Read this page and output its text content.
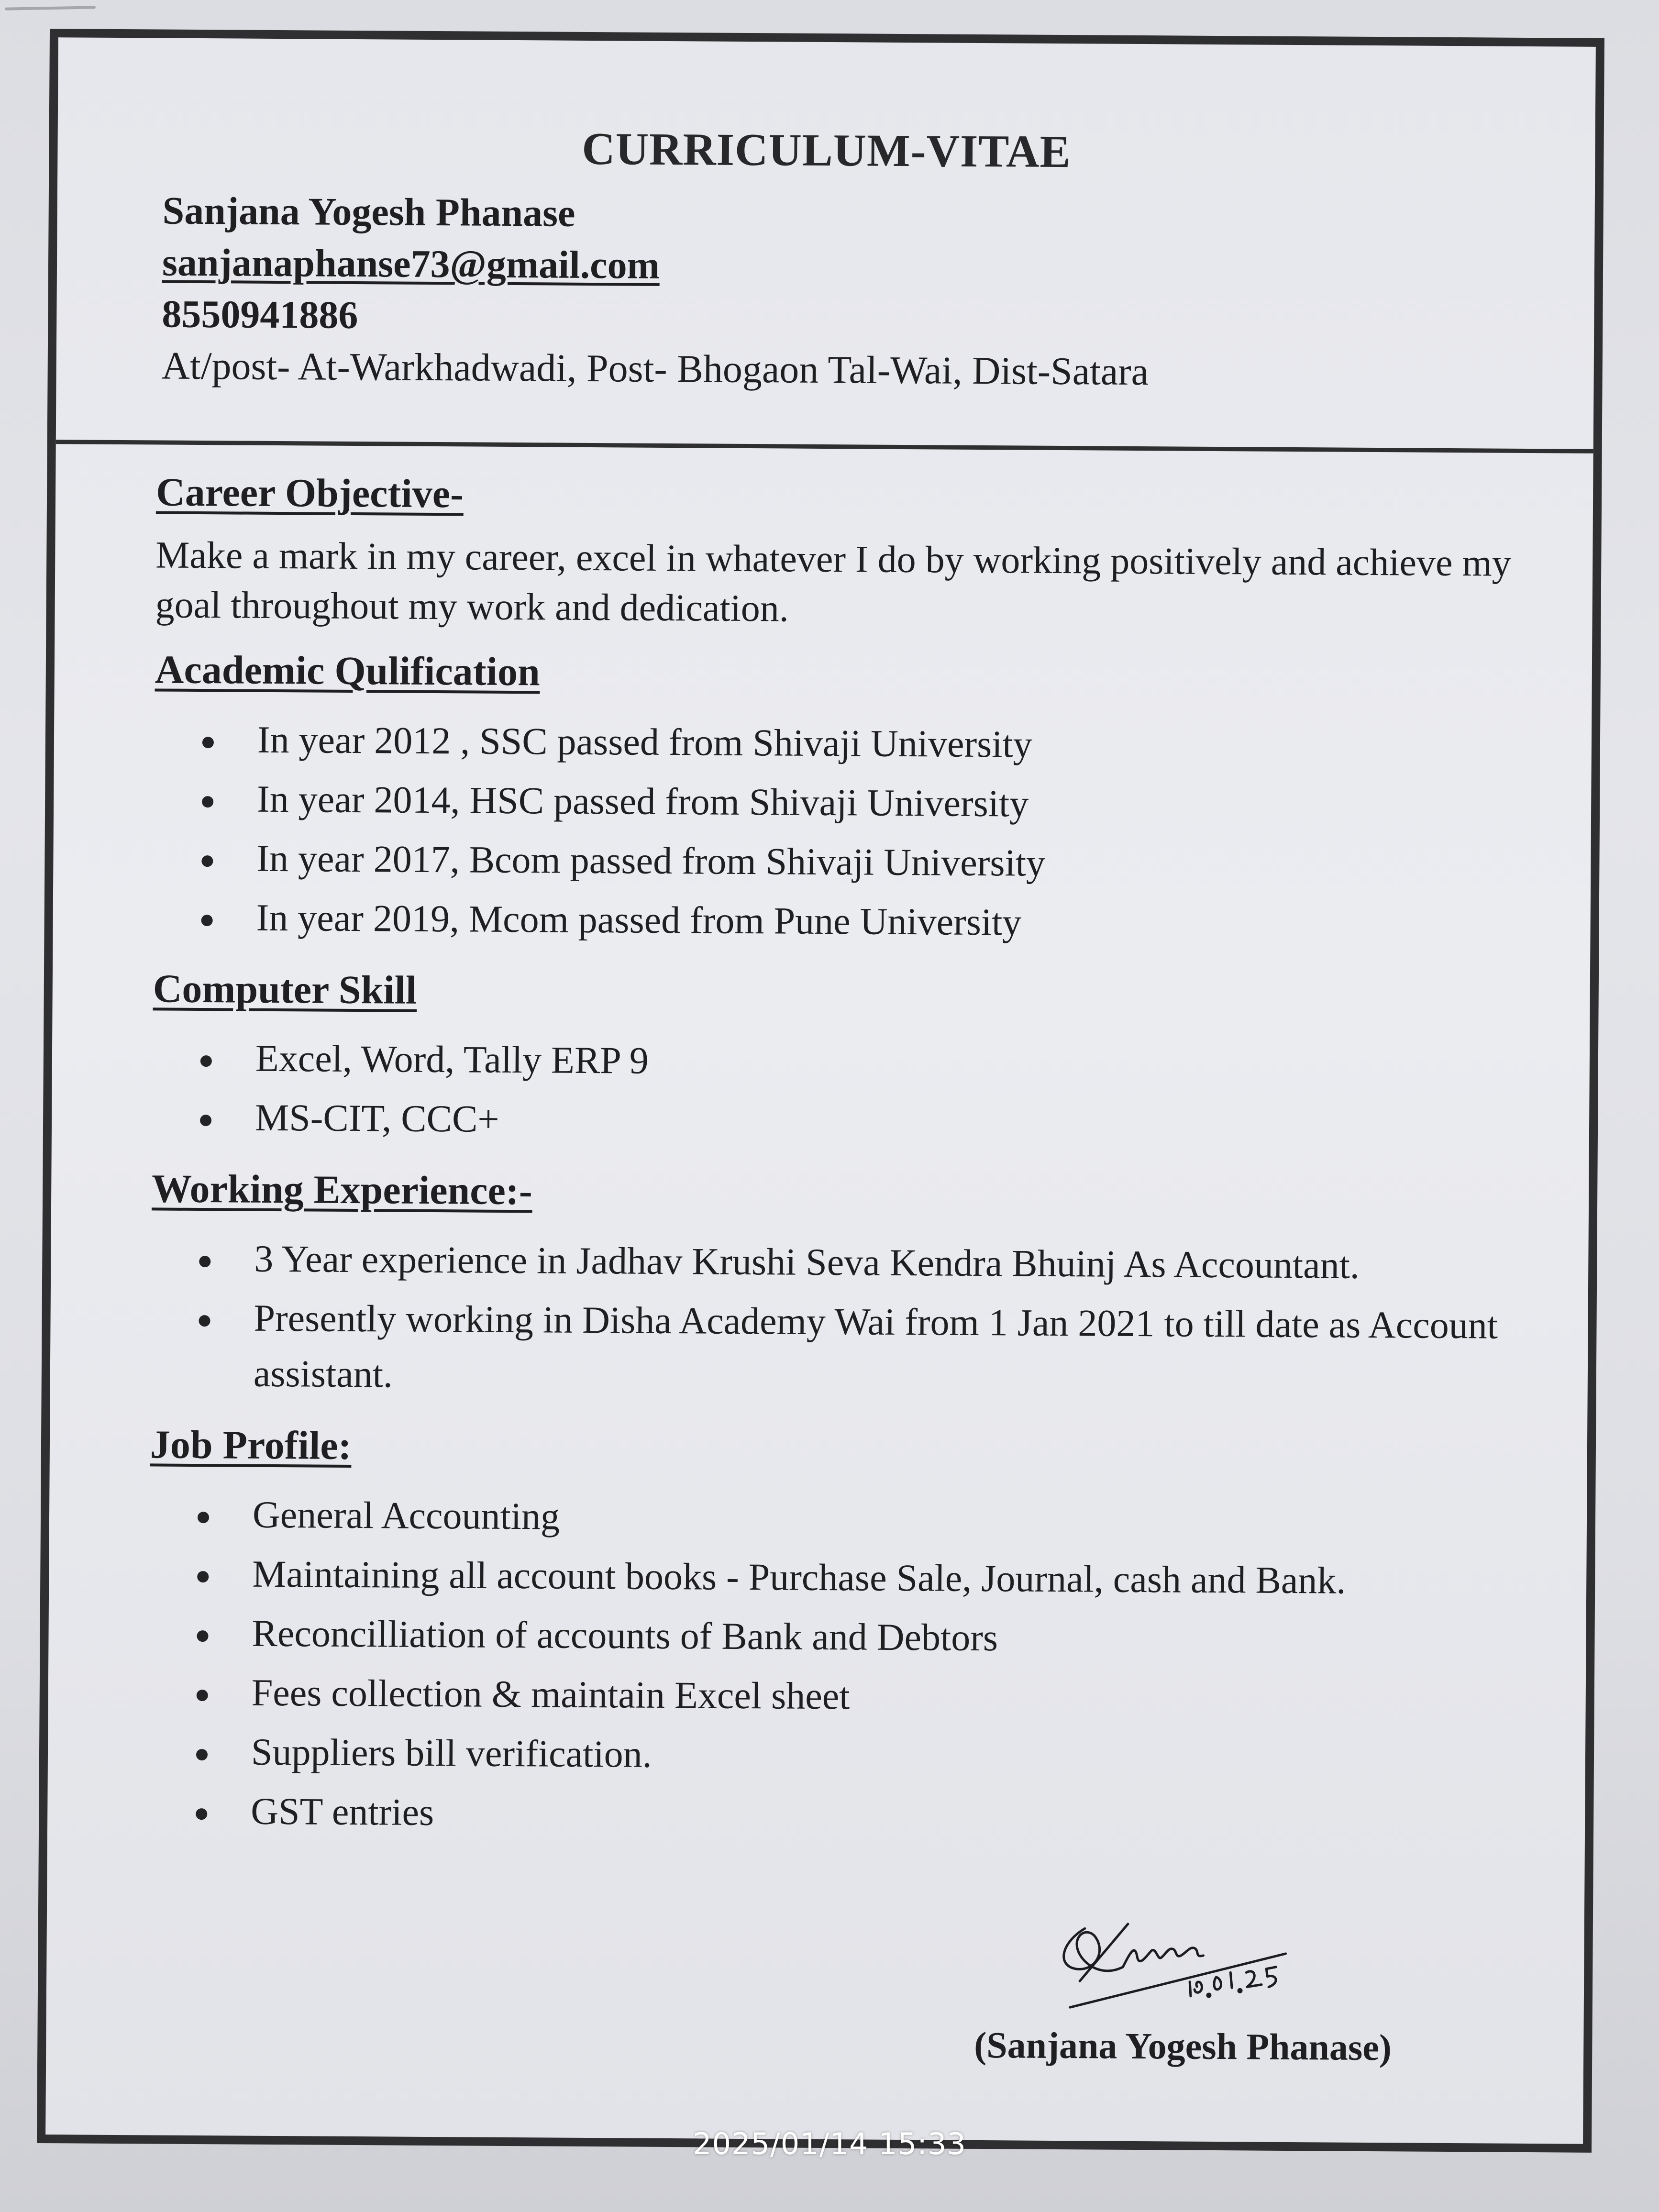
CURRICULUM-VITAE
Sanjana Yogesh Phanase
sanjanaphanse73@gmail.com
8550941886
At/post- At-Warkhadwadi, Post- Bhogaon Tal-Wai, Dist-Satara
Career Objective-

Make a mark in my career, excel in whatever I do by working positively and achieve my goal throughout my work and dedication.

Academic Qulification
In year 2012 , SSC passed from Shivaji University
In year 2014, HSC passed from Shivaji University
In year 2017, Bcom passed from Shivaji University
In year 2019, Mcom passed from Pune University
Computer Skill
Excel, Word, Tally ERP 9
MS-CIT, CCC+
Working Experience:-
3 Year experience in Jadhav Krushi Seva Kendra Bhuinj As Accountant.
Presently working in Disha Academy Wai from 1 Jan 2021 to till date as Account assistant.
Job Profile:
General Accounting
Maintaining all account books - Purchase Sale, Journal, cash and Bank.
Reconcilliation of accounts of Bank and Debtors
Fees collection & maintain Excel sheet
Suppliers bill verification.
GST entries
(Sanjana Yogesh Phanase)
2025/01/14 15:33
